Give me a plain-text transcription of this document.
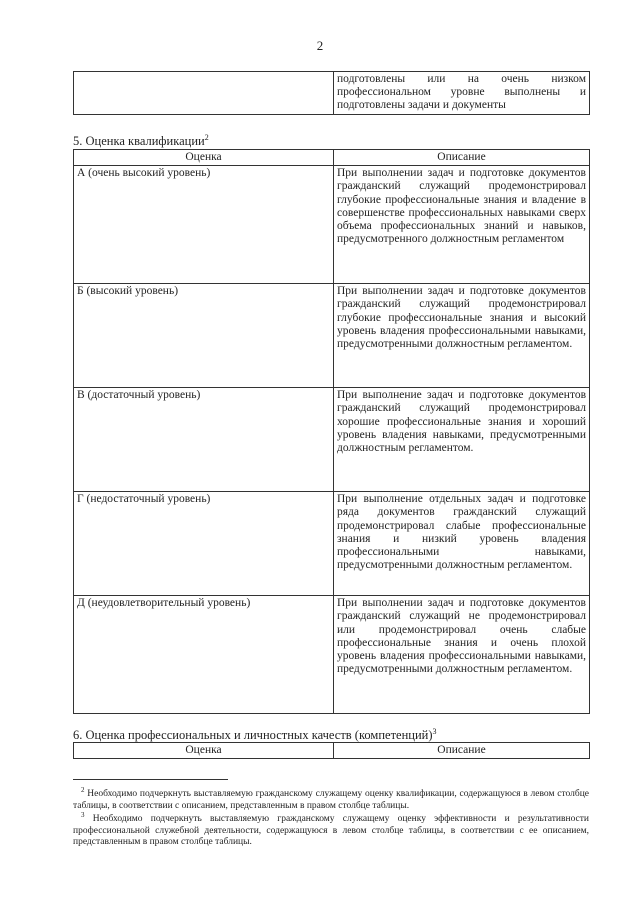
2
	подготовлены или на очень низком профессиональном уровне выполнены и подготовлены задачи и документы
5. Оценка квалификации$^2$
Оценка	Описание
А (очень высокий уровень)	При выполнении задач и подготовке документов гражданский служащий продемонстрировал глубокие профессиональные знания и владение в совершенстве профессиональных навыками сверх объема профессиональных знаний и навыков, предусмотренного должностным регламентом
Б (высокий уровень)	При выполнении задач и подготовке документов гражданский служащий продемонстрировал глубокие профессиональные знания и высокий уровень владения профессиональными навыками, предусмотренными должностным регламентом.
В (достаточный уровень)	При выполнение задач и подготовке документов гражданский служащий продемонстрировал хорошие профессиональные знания и хороший уровень владения навыками, предусмотренными должностным регламентом.
Г (недостаточный уровень)	При выполнение отдельных задач и подготовке ряда документов гражданский служащий продемонстрировал слабые профессиональные знания и низкий уровень владения профессиональными навыками, предусмотренными должностным регламентом.
Д (неудовлетворительный уровень)	При выполнении задач и подготовке документов гражданский служащий не продемонстрировал или продемонстрировал очень слабые профессиональные знания и очень плохой уровень владения профессиональными навыками, предусмотренными должностным регламентом.
6. Оценка профессиональных и личностных качеств (компетенций)$^3$
Оценка	Описание
$^2$ Необходимо подчеркнуть выставляемую гражданскому служащему оценку квалификации, содержащуюся в левом столбце таблицы, в соответствии с описанием, представленным в правом столбце таблицы.
$^3$ Необходимо подчеркнуть выставляемую гражданскому служащему оценку эффективности и результативности профессиональной служебной деятельности, содержащуюся в левом столбце таблицы, в соответствии с ее описанием, представленным в правом столбце таблицы.
